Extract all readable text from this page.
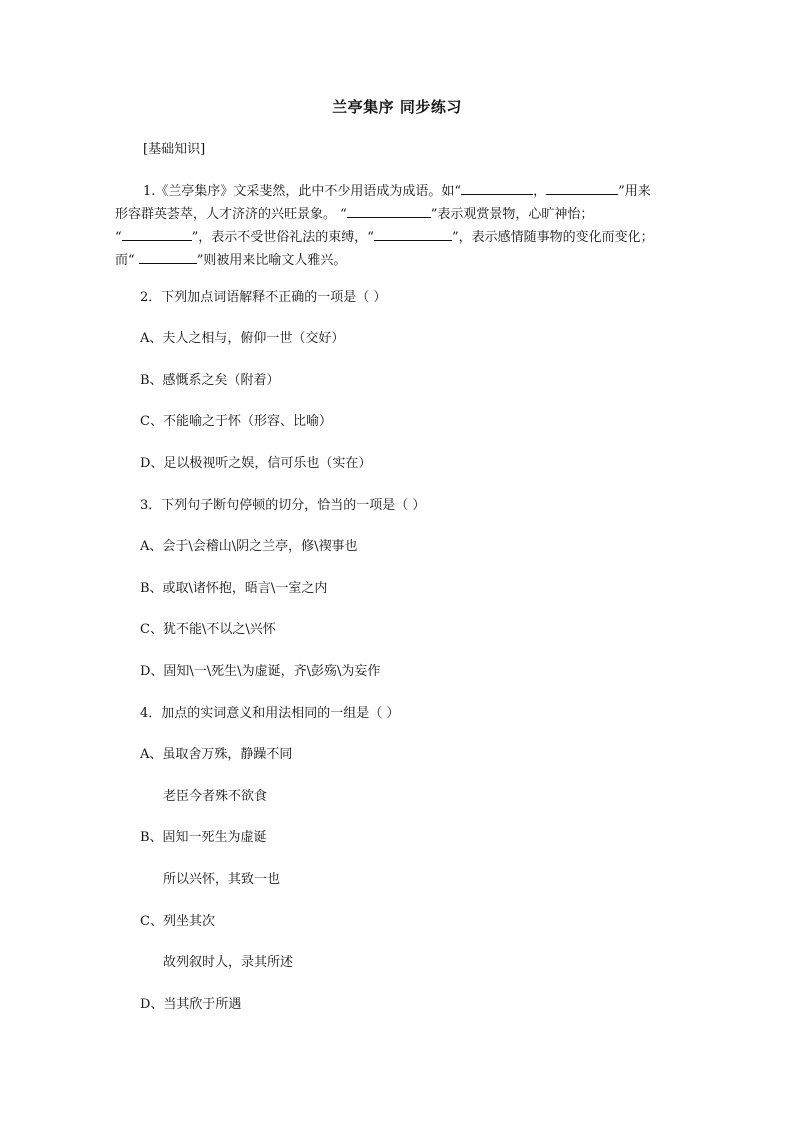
兰亭集序 同步练习
[基础知识]
1.《兰亭集序》文采斐然，此中不少用语成为成语。如“	，	”用来
形容群英荟萃，人才济济的兴旺景象。 “	”表示观赏景物，心旷神怡；
“	”，表示不受世俗礼法的束缚，“	”，表示感情随事物的变化而变化；
而“	”则被用来比喻文人雅兴。
2．下列加点词语解释不正确的一项是（ ）
A、夫人之相与，俯仰一世（交好）
B、感慨系之矣（附着）
C、不能喻之于怀（形容、比喻）
D、足以极视听之娱，信可乐也（实在）
3．下列句子断句停顿的切分，恰当的一项是（ ）
A、会于\会稽山\阴之兰亭，修\禊事也
B、或取\诸怀抱，晤言\一室之内
C、犹不能\不以之\兴怀
D、固知\一\死生\为虚诞，齐\彭殇\为妄作
4．加点的实词意义和用法相同的一组是（ ）
A、虽取舍万殊，静躁不同
老臣今者殊不欲食
B、固知一死生为虚诞
所以兴怀，其致一也
C、列坐其次
故列叙时人，录其所述
D、当其欣于所遇
